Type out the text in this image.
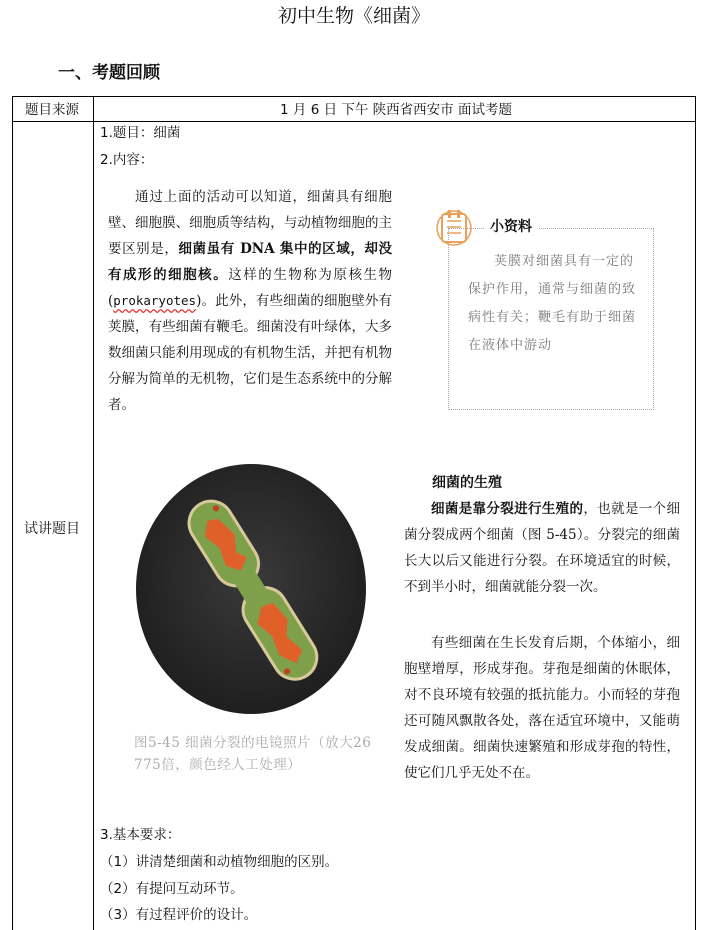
初中生物《细菌》
一、考题回顾
题目来源	1 月 6 日 下午 陕西省西安市 面试考题
试讲题目
1.题目：细菌
2.内容：
通过上面的活动可以知道，细菌具有细胞壁、细胞膜、细胞质等结构，与动植物细胞的主要区别是，细菌虽有 DNA 集中的区域，却没有成形的细胞核。这样的生物称为原核生物(prokaryotes)。此外，有些细菌的细胞壁外有荚膜，有些细菌有鞭毛。细菌没有叶绿体，大多数细菌只能利用现成的有机物生活，并把有机物分解为简单的无机物，它们是生态系统中的分解者。
小资料
荚膜对细菌具有一定的保护作用，通常与细菌的致病性有关；鞭毛有助于细菌在液体中游动
图5-45 细菌分裂的电镜照片（放大26 775倍，颜色经人工处理）
细菌的生殖
细菌是靠分裂进行生殖的，也就是一个细菌分裂成两个细菌（图 5-45）。分裂完的细菌长大以后又能进行分裂。在环境适宜的时候，不到半小时，细菌就能分裂一次。
有些细菌在生长发育后期，个体缩小，细胞壁增厚，形成芽孢。芽孢是细菌的休眠体，对不良环境有较强的抵抗能力。小而轻的芽孢还可随风飘散各处，落在适宜环境中，又能萌发成细菌。细菌快速繁殖和形成芽孢的特性，使它们几乎无处不在。
3.基本要求：
（1）讲清楚细菌和动植物细胞的区别。
（2）有提问互动环节。
（3）有过程评价的设计。
